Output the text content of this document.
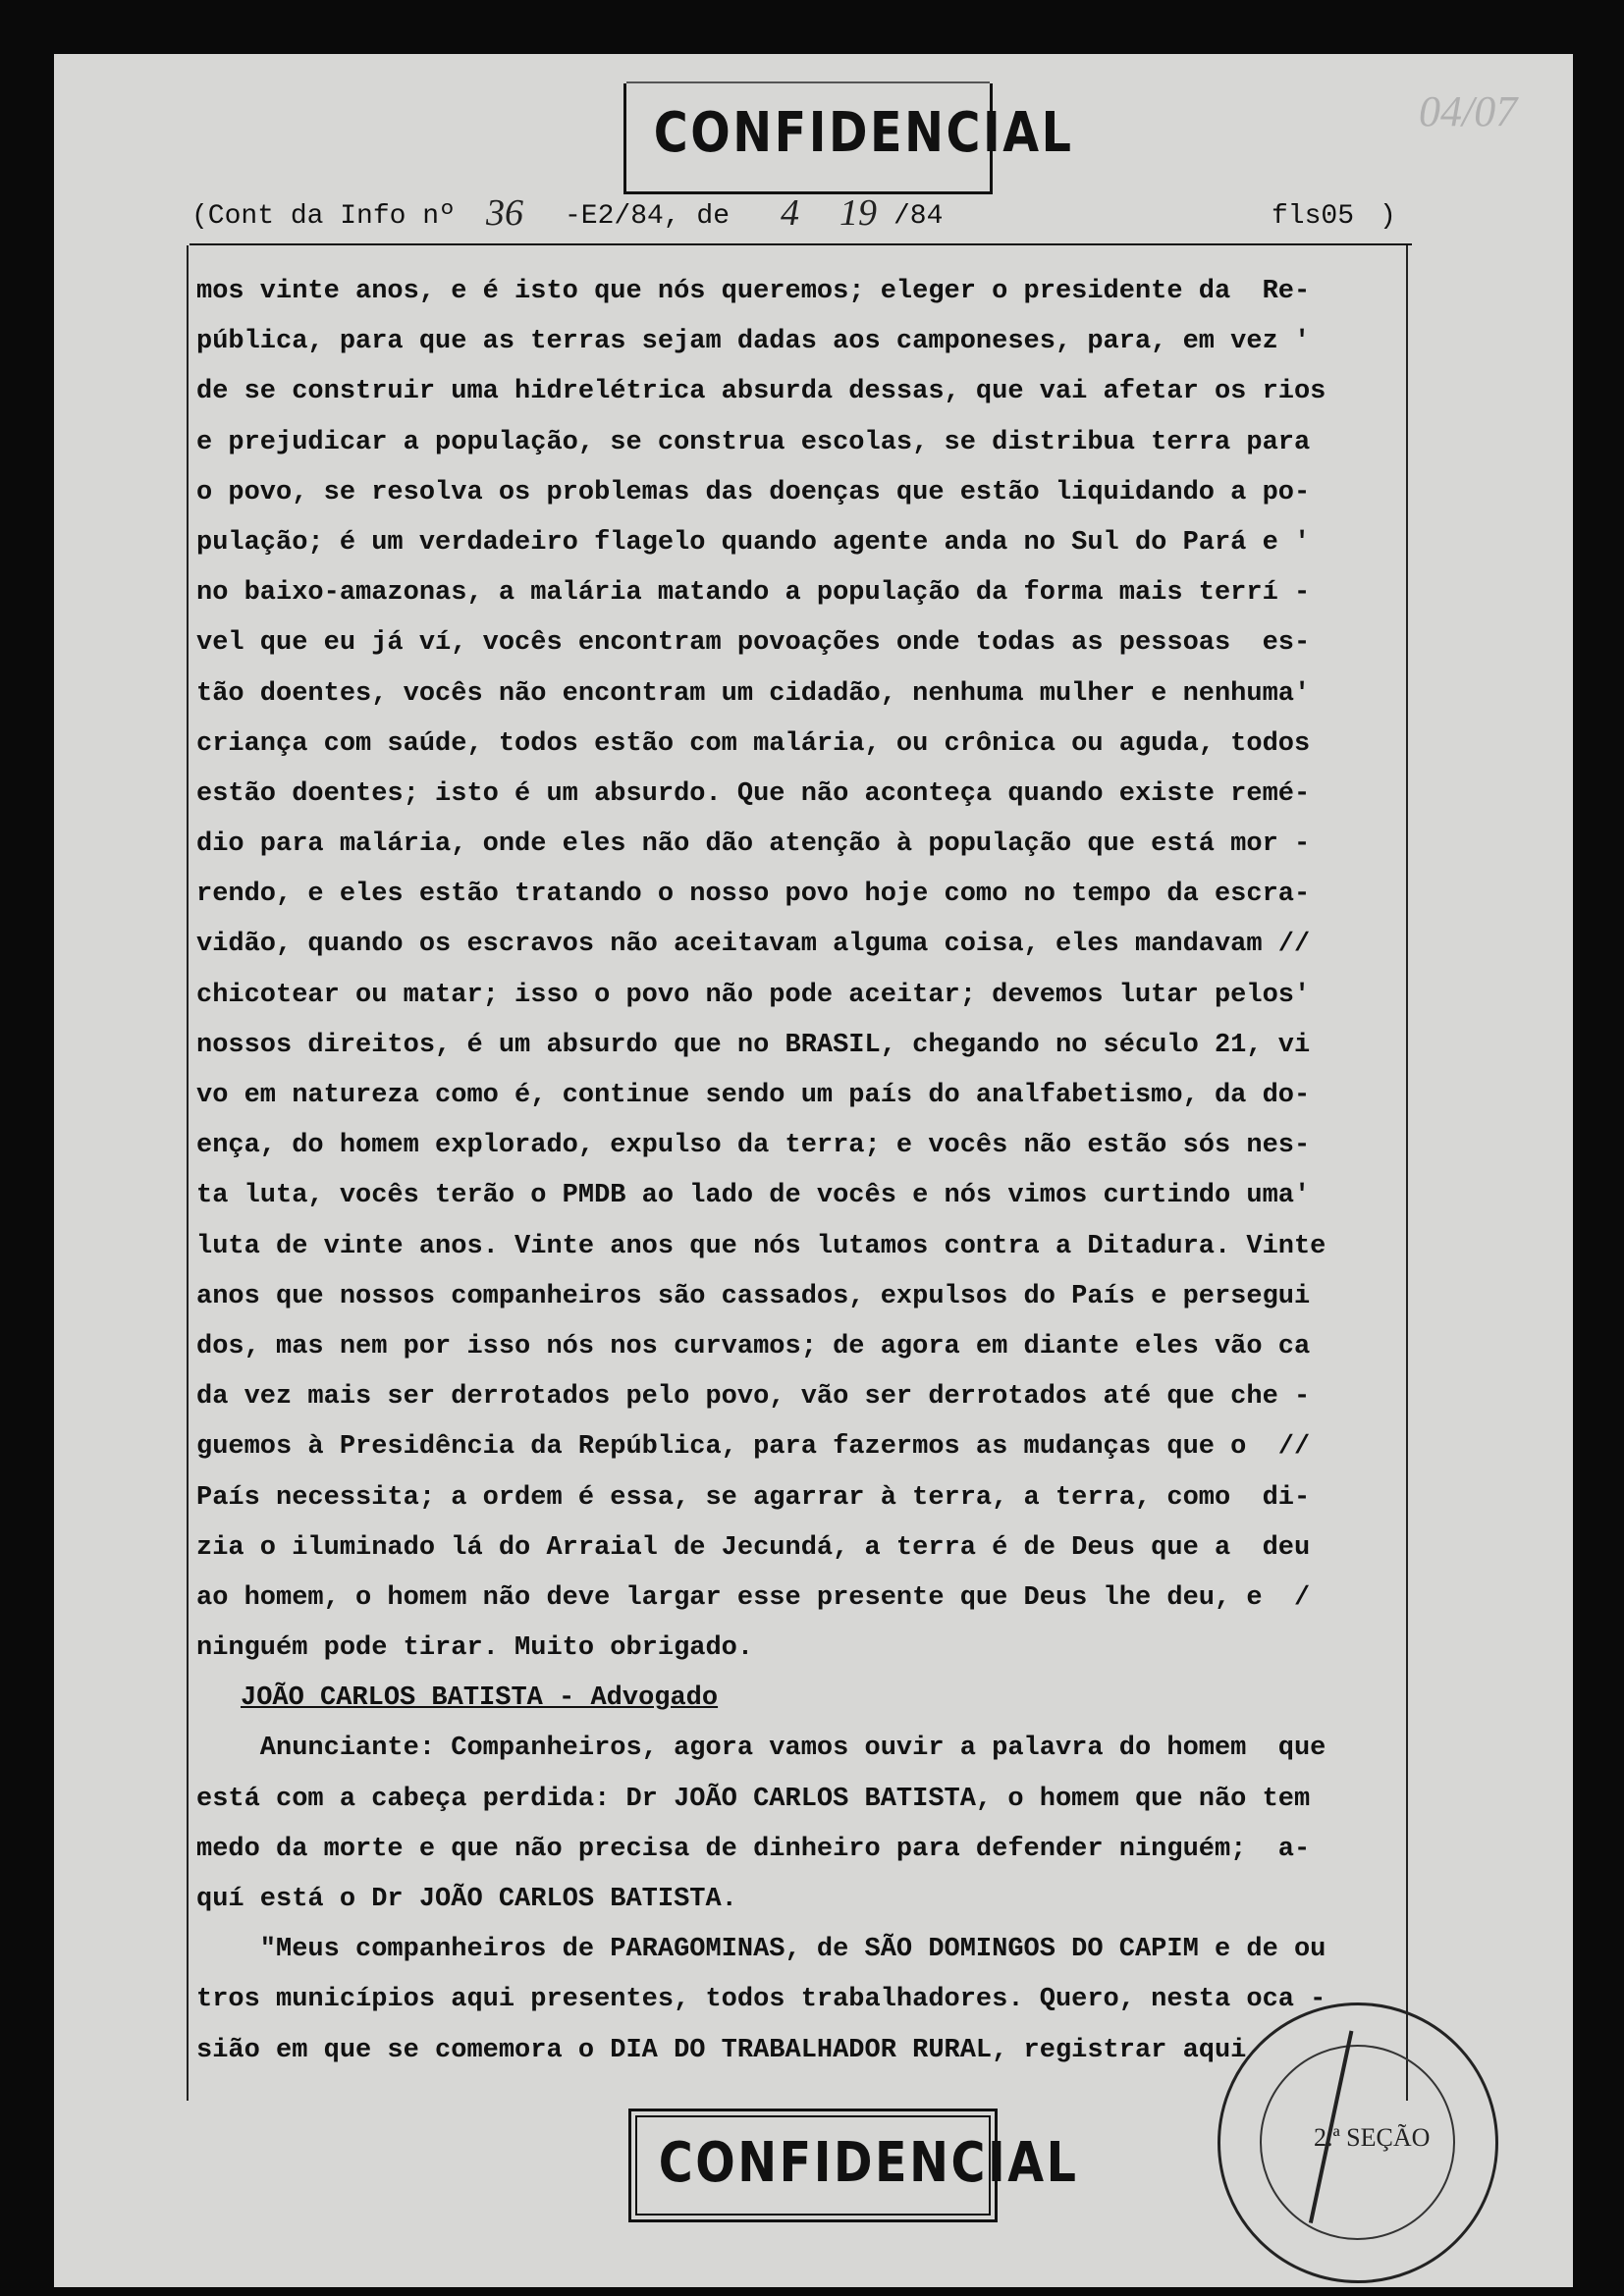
CONFIDENCIAL	04/07
(Cont da Info nº 36 -E2/84, de 4 19 /84	fls05 )
mos vinte anos, e é isto que nós queremos; eleger o presidente da  Re-
pública, para que as terras sejam dadas aos camponeses, para, em vez '
de se construir uma hidrelétrica absurda dessas, que vai afetar os rios
e prejudicar a população, se construa escolas, se distribua terra para
o povo, se resolva os problemas das doenças que estão liquidando a po-
pulação; é um verdadeiro flagelo quando agente anda no Sul do Pará e '
no baixo-amazonas, a malária matando a população da forma mais terrí -
vel que eu já ví, vocês encontram povoações onde todas as pessoas  es-
tão doentes, vocês não encontram um cidadão, nenhuma mulher e nenhuma'
criança com saúde, todos estão com malária, ou crônica ou aguda, todos
estão doentes; isto é um absurdo. Que não aconteça quando existe remé-
dio para malária, onde eles não dão atenção à população que está mor -
rendo, e eles estão tratando o nosso povo hoje como no tempo da escra-
vidão, quando os escravos não aceitavam alguma coisa, eles mandavam //
chicotear ou matar; isso o povo não pode aceitar; devemos lutar pelos'
nossos direitos, é um absurdo que no BRASIL, chegando no século 21, vi
vo em natureza como é, continue sendo um país do analfabetismo, da do-
ença, do homem explorado, expulso da terra; e vocês não estão sós nes-
ta luta, vocês terão o PMDB ao lado de vocês e nós vimos curtindo uma'
luta de vinte anos. Vinte anos que nós lutamos contra a Ditadura. Vinte
anos que nossos companheiros são cassados, expulsos do País e persegui
dos, mas nem por isso nós nos curvamos; de agora em diante eles vão ca
da vez mais ser derrotados pelo povo, vão ser derrotados até que che -
guemos à Presidência da República, para fazermos as mudanças que o  //
País necessita; a ordem é essa, se agarrar à terra, a terra, como  di-
zia o iluminado lá do Arraial de Jecundá, a terra é de Deus que a  deu
ao homem, o homem não deve largar esse presente que Deus lhe deu, e  /
ninguém pode tirar. Muito obrigado.
JOÃO CARLOS BATISTA - Advogado
Anunciante: Companheiros, agora vamos ouvir a palavra do homem  que
está com a cabeça perdida: Dr JOÃO CARLOS BATISTA, o homem que não tem
medo da morte e que não precisa de dinheiro para defender ninguém;  a-
quí está o Dr JOÃO CARLOS BATISTA.
"Meus companheiros de PARAGOMINAS, de SÃO DOMINGOS DO CAPIM e de ou
tros municípios aqui presentes, todos trabalhadores. Quero, nesta oca -
sião em que se comemora o DIA DO TRABALHADOR RURAL, registrar aqui
CONFIDENCIAL	2.ª SEÇÃO
